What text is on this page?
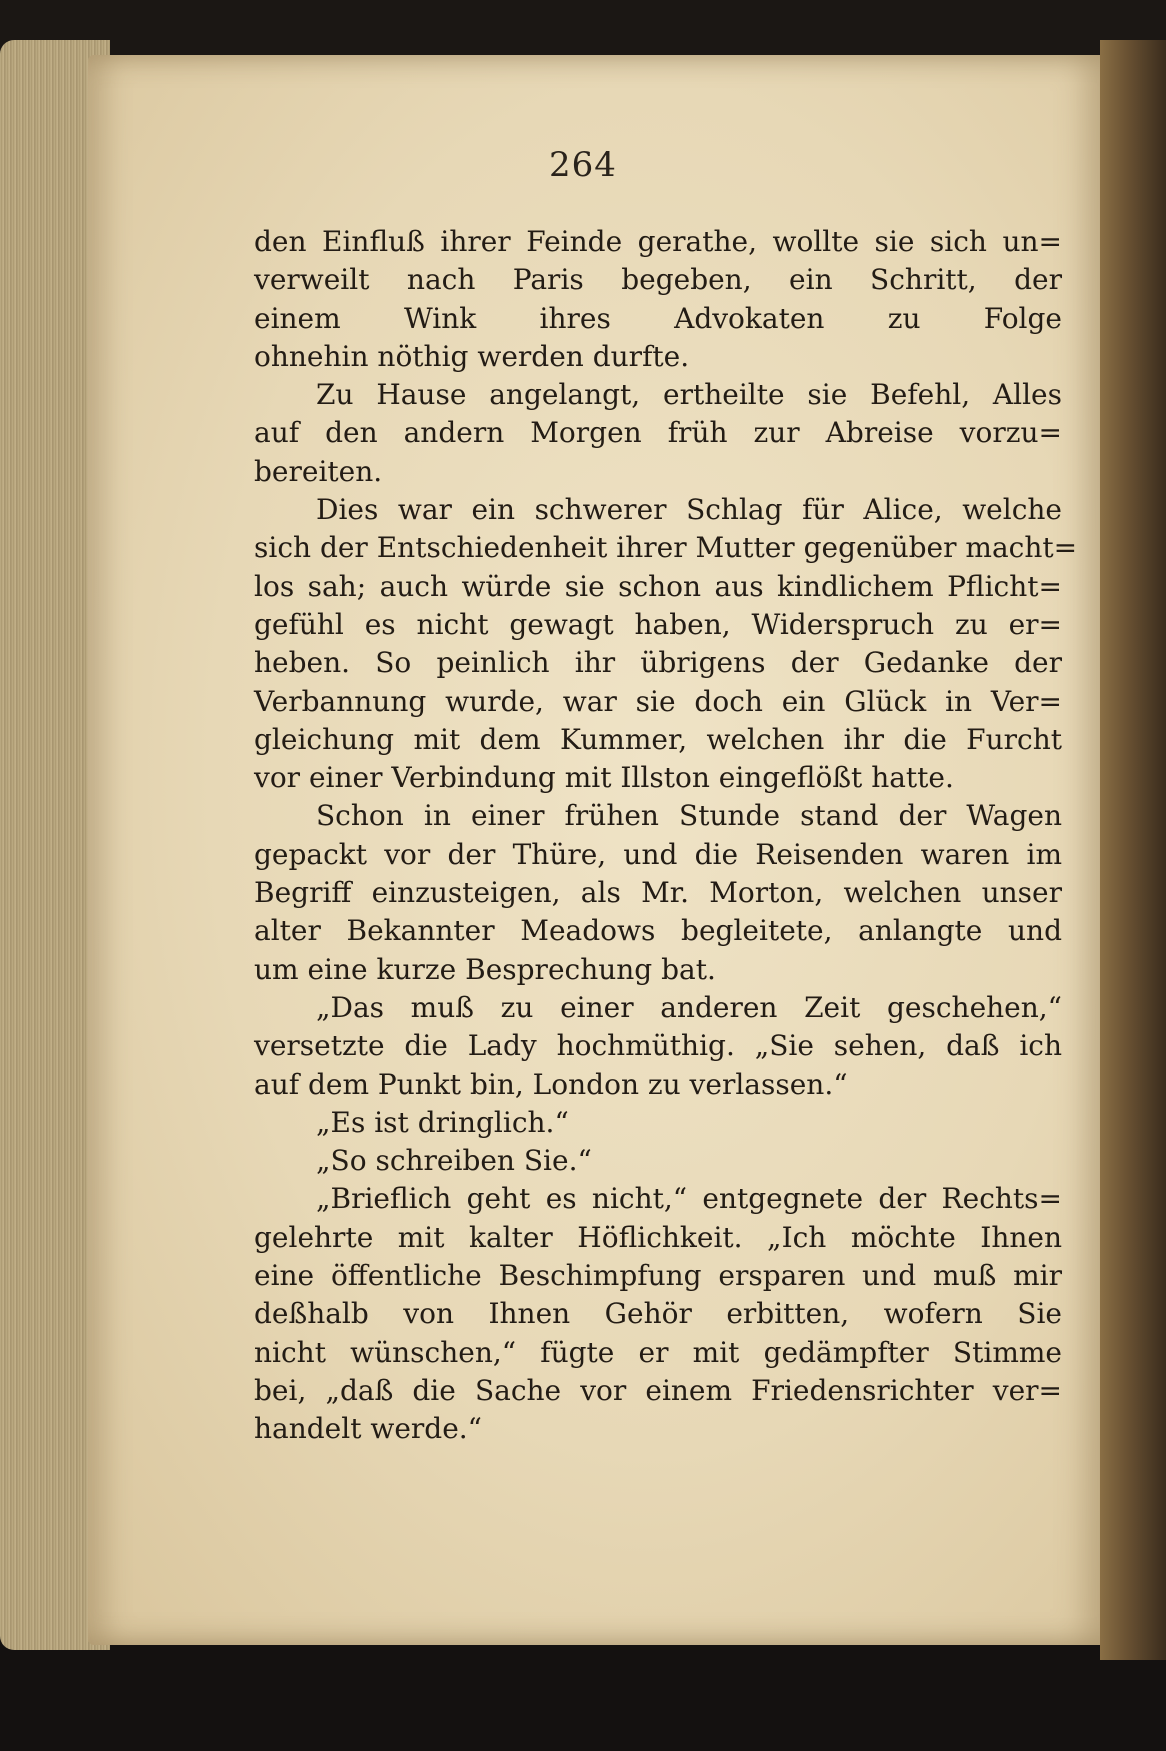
264
den Einfluß ihrer Feinde gerathe, wollte sie sich un=
verweilt nach Paris begeben, ein Schritt, der
einem Wink ihres Advokaten zu Folge
ohnehin nöthig werden durfte.
Zu Hause angelangt, ertheilte sie Befehl, Alles
auf den andern Morgen früh zur Abreise vorzu=
bereiten.
Dies war ein schwerer Schlag für Alice, welche
sich der Entschiedenheit ihrer Mutter gegenüber macht=
los sah; auch würde sie schon aus kindlichem Pflicht=
gefühl es nicht gewagt haben, Widerspruch zu er=
heben. So peinlich ihr übrigens der Gedanke der
Verbannung wurde, war sie doch ein Glück in Ver=
gleichung mit dem Kummer, welchen ihr die Furcht
vor einer Verbindung mit Illston eingeflößt hatte.
Schon in einer frühen Stunde stand der Wagen
gepackt vor der Thüre, und die Reisenden waren im
Begriff einzusteigen, als Mr. Morton, welchen unser
alter Bekannter Meadows begleitete, anlangte und
um eine kurze Besprechung bat.
„Das muß zu einer anderen Zeit geschehen,“
versetzte die Lady hochmüthig. „Sie sehen, daß ich
auf dem Punkt bin, London zu verlassen.“
„Es ist dringlich.“
„So schreiben Sie.“
„Brieflich geht es nicht,“ entgegnete der Rechts=
gelehrte mit kalter Höflichkeit. „Ich möchte Ihnen
eine öffentliche Beschimpfung ersparen und muß mir
deßhalb von Ihnen Gehör erbitten, wofern Sie
nicht wünschen,“ fügte er mit gedämpfter Stimme
bei, „daß die Sache vor einem Friedensrichter ver=
handelt werde.“
